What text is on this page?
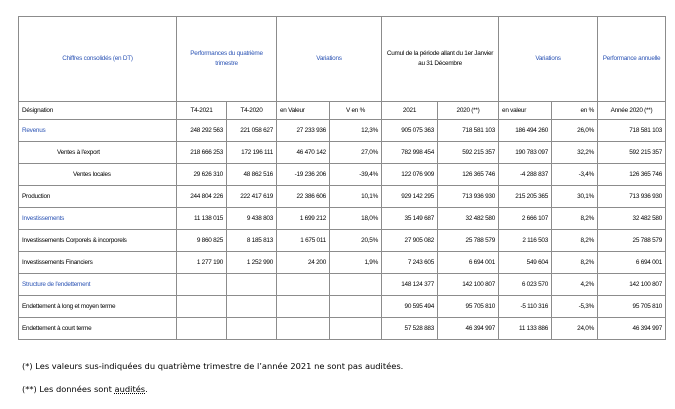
Chiffres consolidés (en DT)	Performances du quatrième trimestre		Variations		Cumul de la période allant du 1er Janvier au 31 Décembre		Variations		Performance annuelle
Désignation	T4-2021	T4-2020	en Valeur	V en %	2021	2020 (**)	en valeur	en %	Année 2020 (**)
Revenus	248 292 563	221 058 627	27 233 936	12,3%	905 075 363	718 581 103	186 494 260	26,0%	718 581 103
Ventes à l'export	218 666 253	172 196 111	46 470 142	27,0%	782 998 454	592 215 357	190 783 097	32,2%	592 215 357
Ventes locales	29 626 310	48 862 516	-19 236 206	-39,4%	122 076 909	126 365 746	-4 288 837	-3,4%	126 365 746
Production	244 804 226	222 417 619	22 386 606	10,1%	929 142 295	713 936 930	215 205 365	30,1%	713 936 930
Investissements	11 138 015	9 438 803	1 699 212	18,0%	35 149 687	32 482 580	2 666 107	8,2%	32 482 580
Investissements Corporels & incorporels	9 860 825	8 185 813	1 675 011	20,5%	27 905 082	25 788 579	2 116 503	8,2%	25 788 579
Investissements Financiers	1 277 190	1 252 990	24 200	1,9%	7 243 605	6 694 001	549 604	8,2%	6 694 001
Structure de l'endettement					148 124 377	142 100 807	6 023 570	4,2%	142 100 807
Endettement à long et moyen terme					90 595 494	95 705 810	-5 110 316	-5,3%	95 705 810
Endettement à court terme					57 528 883	46 394 997	11 133 886	24,0%	46 394 997
(*) Les valeurs sus-indiquées du quatrième trimestre de l’année 2021 ne sont pas auditées.
(**) Les données sont audités.
